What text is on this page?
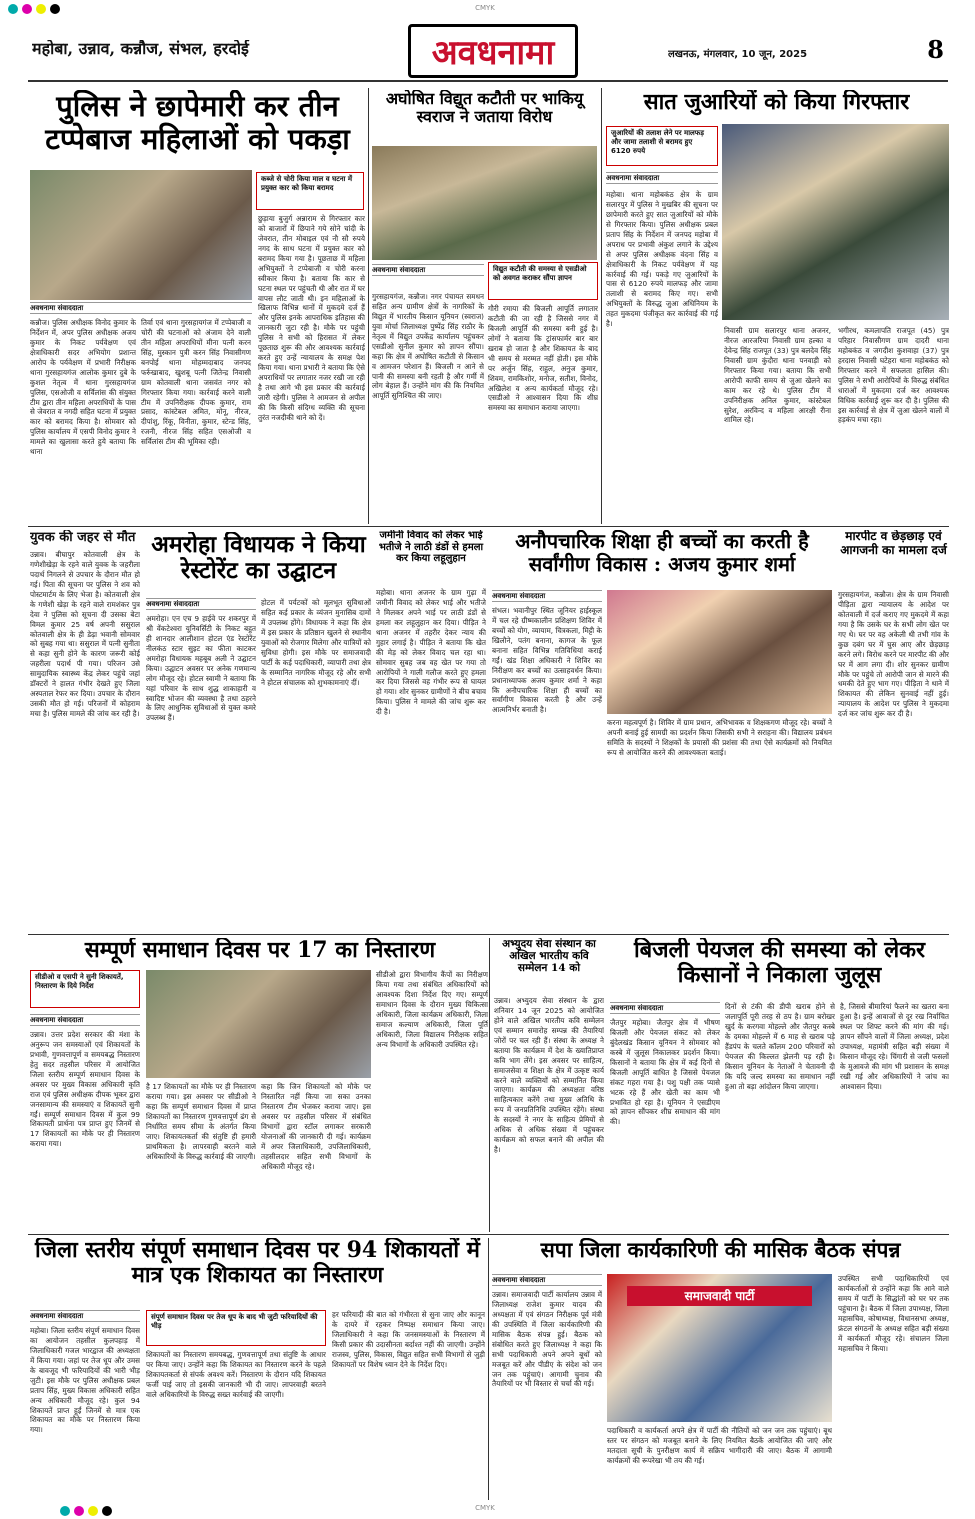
CMYK
CMYK
महोबा, उन्नाव, कन्नौज, संभल, हरदोई	अवधनामा	लखनऊ, मंगलवार, 10 जून, 2025	8
पुलिस ने छापेमारी कर तीन टप्पेबाज महिलाओं को पकड़ा
कब्जे से चोरी किया माल व घटना में प्रयुक्त कार को किया बरामद
अवधनामा संवाददाता
कन्नौज। पुलिस अधीक्षक विनोद कुमार के निर्देशन में, अपर पुलिस अधीक्षक अजय कुमार के निकट पर्यवेक्षण एवं क्षेत्राधिकारी सदर अभियोग प्रशान्त आरोप के पर्यवेक्षण में प्रभारी निरीक्षक थाना गुरसहायगंज आलोक कुमार दुबे के कुशल नेतृत्व में थाना गुरसहायगंज पुलिस, एसओजी व सर्विलांस की संयुक्त टीम द्वारा तीन महिला अपराधियों के पास से जेवरात व नगदी सहित घटना में प्रयुक्त कार को बरामद किया है। सोमवार को पुलिस कार्यालय में एसपी विनोद कुमार ने मामले का खुलासा करते हुये बताया कि थाना
तिर्वा एवं थाना गुरसहायगंज में टप्पेबाजी व चोरी की घटनाओं को अंजाम देने वाली तीन महिला अपराधियों मीना पत्नी करन सिंह, मुस्कान पुत्री करन सिंह निवासीगण बनपोई थाना मोहम्मदाबाद जनपद फर्रुखाबाद, खुशबू पत्नी जितेन्द्र निवासी ग्राम कोतवाली थाना जसवंत नगर को गिरफ्तार किया गया। कार्रवाई करने वाली टीम में उपनिरीक्षक दीपक कुमार, राम प्रसाद, कांस्टेबल अमित, मोनू, नीरज, दीपांशु, रिंकू, विनीता, कुमार, स्टेन्ड सिंह, रजनी, नीरज सिंह सहित एसओजी व सर्विलांस टीम की भूमिका रही।
छुड़ाया बुजुर्ग अन्नाराम से गिरफ्तार कार को बाजारों में छिपाने गये सोने चांदी के जेवरात, तीन मोबाइल एवं नौ सौ रुपये नगद के साथ घटना में प्रयुक्त कार को बरामद किया गया है। पूछताछ में महिला अभियुक्तों ने टप्पेबाजी व चोरी करना स्वीकार किया है। बताया कि कार से घटना स्थल पर पहुंचती थी और रात में घर वापस लौट जाती थी। इन महिलाओं के खिलाफ विभिन्न थानों में मुकदमे दर्ज हैं और पुलिस इनके आपराधिक इतिहास की जानकारी जुटा रही है। मौके पर पहुंची पुलिस ने सभी को हिरासत में लेकर पूछताछ शुरू की और आवश्यक कार्रवाई करते हुए उन्हें न्यायालय के समक्ष पेश किया गया। थाना प्रभारी ने बताया कि ऐसे अपराधियों पर लगातार नजर रखी जा रही है तथा आगे भी इस प्रकार की कार्रवाई जारी रहेगी। पुलिस ने आमजन से अपील की कि किसी संदिग्ध व्यक्ति की सूचना तुरंत नजदीकी थाने को दें।
अघोषित विद्युत कटौती पर भाकियू स्वराज ने जताया विरोध
विद्युत कटौती की समस्या से एसडीओ को अवगत कराकर सौंपा ज्ञापन
अवधनामा संवाददाता
गुरसहायगंज, कन्नौज। नगर पंचायत समधन सहित अन्य ग्रामीण क्षेत्रों के नागरिकों के विद्युत में भारतीय किसान यूनियन (स्वराज) युवा मोर्चा जिलाध्यक्ष पुष्पेंद्र सिंह राठौर के नेतृत्व में विद्युत उपकेंद्र कार्यालय पहुंचकर एसडीओ सुनील कुमार को ज्ञापन सौंपा। कहा कि क्षेत्र में अघोषित कटौती से किसान व आमजन परेशान हैं। बिजली न आने से पानी की समस्या बनी रहती है और गर्मी में लोग बेहाल हैं। उन्होंने मांग की कि नियमित आपूर्ति सुनिश्चित की जाए।
गौरी रमाया की बिजली आपूर्ति लगातार कटौती की जा रही है जिससे नगर में बिजली आपूर्ति की समस्या बनी हुई है। लोगों ने बताया कि ट्रांसफार्मर बार बार खराब हो जाता है और शिकायत के बाद भी समय से मरम्मत नहीं होती। इस मौके पर अर्जुन सिंह, राहुल, अनुज कुमार, शिवम, रामकिशोर, मनोज, सतीश, विनोद, अखिलेश व अन्य कार्यकर्ता मौजूद रहे। एसडीओ ने आश्वासन दिया कि शीघ्र समस्या का समाधान कराया जाएगा।
सात जुआरियों को किया गिरफ्तार
जुआरियों की तलाश लेने पर मालफड़ और जामा तलाशी से बरामद हुए 6120 रुपये
अवधनामा संवाददाता
महोबा। थाना महोबकंठ क्षेत्र के ग्राम सलारपुर में पुलिस ने मुखबिर की सूचना पर छापेमारी करते हुए सात जुआरियों को मौके से गिरफ्तार किया। पुलिस अधीक्षक प्रबल प्रताप सिंह के निर्देशन में जनपद महोबा में अपराध पर प्रभावी अंकुश लगाने के उद्देश्य से अपर पुलिस अधीक्षक वंदना सिंह व क्षेत्राधिकारी के निकट पर्यवेक्षण में यह कार्रवाई की गई। पकड़े गए जुआरियों के पास से 6120 रुपये मालफड़ और जामा तलाशी से बरामद किए गए। सभी अभियुक्तों के विरुद्ध जुआ अधिनियम के तहत मुकदमा पंजीकृत कर कार्रवाई की गई है।
निवासी ग्राम सलारपुर थाना अजनर, नीरज आरजरिया निवासी ग्राम हल्का व देवेन्द्र सिंह राजपूत (33) पुत्र बलदेव सिंह निवासी ग्राम कुंदौरा थाना पनवाड़ी को गिरफ्तार किया गया। बताया कि सभी आरोपी काफी समय से जुआ खेलने का काम कर रहे थे। पुलिस टीम में उपनिरीक्षक अनिल कुमार, कांस्टेबल सुरेश, अरविन्द व महिला आरक्षी रीना शामिल रहे।
भगीरथ, कमलापति राजपूत (45) पुत्र परिहार निवासीगण ग्राम दादरी थाना महोबकंठ व जगदीश कुशवाहा (37) पुत्र हरदास निवासी घटेहरा थाना महोबकंठ को गिरफ्तार करने में सफलता हासिल की। पुलिस ने सभी आरोपियों के विरुद्ध संबंधित धाराओं में मुकदमा दर्ज कर आवश्यक विधिक कार्रवाई शुरू कर दी है। पुलिस की इस कार्रवाई से क्षेत्र में जुआ खेलने वालों में हड़कंप मचा रहा।
युवक की जहर से मौत
उन्नाव। बीघापुर कोतवाली क्षेत्र के गणेशीखेड़ा के रहने वाले युवक के जहरीला पदार्थ निगलने से उपचार के दौरान मौत हो गई। पिता की सूचना पर पुलिस ने शव को पोस्टमार्टम के लिए भेजा है। कोतवाली क्षेत्र के गणेशी खेड़ा के रहने वाले रामशंकर पुत्र देवा ने पुलिस को सूचना दी उसका बेटा विमल कुमार 25 वर्ष अपनी ससुराल कोतवाली क्षेत्र के ही डेढ़ा भवानी सोमवार को सुबह गया था। ससुराल में पत्नी सुनीता से कहा सुनी होने के कारण जरूरी कोई जहरीला पदार्थ पी गया। परिजन उसे सामुदायिक स्वास्थ्य केंद्र लेकर पहुंचे जहां डॉक्टरों ने हालत गंभीर देखते हुए जिला अस्पताल रेफर कर दिया। उपचार के दौरान उसकी मौत हो गई। परिजनों में कोहराम मचा है। पुलिस मामले की जांच कर रही है।
अमरोहा विधायक ने किया रेस्टोरेंट का उद्घाटन
अवधनामा संवाददाता
अमरोहा। एन एच 9 हाईवे पर शकरपुर में श्री वेंकटेश्वरा यूनिवर्सिटी के निकट बहुत ही शानदार आलीशान होटल एंड रेस्टोरेंट नीलकंठ स्टार सुइट का फीता काटकर अमरोहा विधायक महबूब अली ने उद्घाटन किया। उद्घाटन अवसर पर अनेक गणमान्य लोग मौजूद रहे। होटल स्वामी ने बताया कि यहां परिवार के साथ शुद्ध शाकाहारी व स्वादिष्ट भोजन की व्यवस्था है तथा ठहरने के लिए आधुनिक सुविधाओं से युक्त कमरे उपलब्ध हैं।
होटल में पर्यटकों को मूलभूत सुविधाओं सहित कई प्रकार के व्यंजन मुनासिब दामों में उपलब्ध होंगे। विधायक ने कहा कि क्षेत्र में इस प्रकार के प्रतिष्ठान खुलने से स्थानीय युवाओं को रोजगार मिलेगा और यात्रियों को सुविधा होगी। इस मौके पर समाजवादी पार्टी के कई पदाधिकारी, व्यापारी तथा क्षेत्र के सम्मानित नागरिक मौजूद रहे और सभी ने होटल संचालक को शुभकामनाएं दीं।
जमीनी विवाद को लेकर भाई भतीजे ने लाठी डंडों से हमला कर किया लहूलुहान
महोबा। थाना अजनर के ग्राम गुढ़ा में जमीनी विवाद को लेकर भाई और भतीजे ने मिलकर अपने भाई पर लाठी डंडों से हमला कर लहूलुहान कर दिया। पीड़ित ने थाना अजनर में तहरीर देकर न्याय की गुहार लगाई है। पीड़ित ने बताया कि खेत की मेड़ को लेकर विवाद चल रहा था। सोमवार सुबह जब वह खेत पर गया तो आरोपियों ने गाली गलौज करते हुए हमला कर दिया जिससे वह गंभीर रूप से घायल हो गया। शोर सुनकर ग्रामीणों ने बीच बचाव किया। पुलिस ने मामले की जांच शुरू कर दी है।
अनौपचारिक शिक्षा ही बच्चों का करती है सर्वांगीण विकास : अजय कुमार शर्मा
अवधनामा संवाददाता
संभल। भवानीपुर स्थित जूनियर हाईस्कूल में चल रहे ग्रीष्मकालीन प्रशिक्षण शिविर में बच्चों को योग, व्यायाम, चित्रकला, मिट्टी के खिलौने, पतंग बनाना, कागज के फूल बनाना सहित विभिन्न गतिविधियां कराई गईं। खंड शिक्षा अधिकारी ने शिविर का निरीक्षण कर बच्चों का उत्साहवर्धन किया। प्रधानाध्यापक अजय कुमार शर्मा ने कहा कि अनौपचारिक शिक्षा ही बच्चों का सर्वांगीण विकास करती है और उन्हें आत्मनिर्भर बनाती है।
करना महत्वपूर्ण है। शिविर में ग्राम प्रधान, अभिभावक व शिक्षकगण मौजूद रहे। बच्चों ने अपनी बनाई हुई सामग्री का प्रदर्शन किया जिसकी सभी ने सराहना की। विद्यालय प्रबंधन समिति के सदस्यों ने शिक्षकों के प्रयासों की प्रशंसा की तथा ऐसे कार्यक्रमों को नियमित रूप से आयोजित करने की आवश्यकता बताई।
मारपीट व छेड़छाड़ एवं आगजनी का मामला दर्ज
गुरसहायगंज, कन्नौज। क्षेत्र के ग्राम निवासी पीड़िता द्वारा न्यायालय के आदेश पर कोतवाली में दर्ज कराए गए मुकदमे में कहा गया है कि उसके घर के सभी लोग खेत पर गए थे। घर पर वह अकेली थी तभी गांव के कुछ दबंग घर में घुस आए और छेड़छाड़ करने लगे। विरोध करने पर मारपीट की और घर में आग लगा दी। शोर सुनकर ग्रामीण मौके पर पहुंचे तो आरोपी जान से मारने की धमकी देते हुए भाग गए। पीड़िता ने थाने में शिकायत की लेकिन सुनवाई नहीं हुई। न्यायालय के आदेश पर पुलिस ने मुकदमा दर्ज कर जांच शुरू कर दी है।
सम्पूर्ण समाधान दिवस पर 17 का निस्तारण
सीडीओ व एसपी ने सुनी शिकायतें, निस्तारण के दिये निर्देश
अवधनामा संवाददाता
उन्नाव। उत्तर प्रदेश सरकार की मंशा के अनुरूप जन समस्याओं एवं शिकायतों के प्रभावी, गुणवत्तापूर्ण व समयबद्ध निस्तारण हेतु सदर तहसील परिसर में आयोजित जिला स्तरीय सम्पूर्ण समाधान दिवस के अवसर पर मुख्य विकास अधिकारी कृति राज एवं पुलिस अधीक्षक दीपक भूकर द्वारा जनसामान्य की समस्याएं व शिकायतें सुनी गईं। सम्पूर्ण समाधान दिवस में कुल 99 शिकायती प्रार्थना पत्र प्राप्त हुए जिनमें से 17 शिकायतों का मौके पर ही निस्तारण कराया गया।
है 17 शिकायतों का मौके पर ही निस्तारण कराया गया। इस अवसर पर सीडीओ ने कहा कि सम्पूर्ण समाधान दिवस में प्राप्त शिकायतों का निस्तारण गुणवत्तापूर्ण ढंग से निर्धारित समय सीमा के अंतर्गत किया जाए। शिकायतकर्ता की संतुष्टि ही हमारी प्राथमिकता है। लापरवाही बरतने वाले अधिकारियों के विरुद्ध कार्रवाई की जाएगी।
कहा कि जिन शिकायतों को मौके पर निस्तारित नहीं किया जा सका उनका निस्तारण टीम भेजकर कराया जाए। इस अवसर पर तहसील परिसर में संबंधित विभागों द्वारा स्टॉल लगाकर सरकारी योजनाओं की जानकारी दी गई। कार्यक्रम में अपर जिलाधिकारी, उपजिलाधिकारी, तहसीलदार सहित सभी विभागों के अधिकारी मौजूद रहे।
सीडीओ द्वारा विभागीय कैंपों का निरीक्षण किया गया तथा संबंधित अधिकारियों को आवश्यक दिशा निर्देश दिए गए। सम्पूर्ण समाधान दिवस के दौरान मुख्य चिकित्सा अधिकारी, जिला कार्यक्रम अधिकारी, जिला समाज कल्याण अधिकारी, जिला पूर्ति अधिकारी, जिला विद्यालय निरीक्षक सहित अन्य विभागों के अधिकारी उपस्थित रहे।
अभ्युदय सेवा संस्थान का अखिल भारतीय कवि सम्मेलन 14 को
उन्नाव। अभ्युदय सेवा संस्थान के द्वारा शनिवार 14 जून 2025 को आयोजित होने वाले अखिल भारतीय कवि सम्मेलन एवं सम्मान समारोह सम्पन्न की तैयारियां जोरों पर चल रही हैं। संस्था के अध्यक्ष ने बताया कि कार्यक्रम में देश के ख्यातिप्राप्त कवि भाग लेंगे। इस अवसर पर साहित्य, समाजसेवा व शिक्षा के क्षेत्र में उत्कृष्ट कार्य करने वाले व्यक्तियों को सम्मानित किया जाएगा। कार्यक्रम की अध्यक्षता वरिष्ठ साहित्यकार करेंगे तथा मुख्य अतिथि के रूप में जनप्रतिनिधि उपस्थित रहेंगे। संस्था के सदस्यों ने नगर के साहित्य प्रेमियों से अधिक से अधिक संख्या में पहुंचकर कार्यक्रम को सफल बनाने की अपील की है।
बिजली पेयजल की समस्या को लेकर किसानों ने निकाला जुलूस
अवधनामा संवाददाता
जैतपुर महोबा। जैतपुर क्षेत्र में भीषण बिजली और पेयजल संकट को लेकर बुंदेलखंड किसान यूनियन ने सोमवार को कस्बे में जुलूस निकालकर प्रदर्शन किया। किसानों ने बताया कि क्षेत्र में कई दिनों से बिजली आपूर्ति बाधित है जिससे पेयजल संकट गहरा गया है। पशु पक्षी तक प्यासे भटक रहे हैं और खेती का काम भी प्रभावित हो रहा है। यूनियन ने एसडीएम को ज्ञापन सौंपकर शीघ्र समाधान की मांग की।
दिनों से टंकी की डीपी खराब होने से जलापूर्ति पूरी तरह से ठप है। ग्राम बरोखर खुर्द के करगवा मोहल्ले और जैतपुर कस्बे के दमका मोहल्ले में 6 माह से खराब पड़े हैंडपंप के चलते कॉलम 200 परिवारों को पेयजल की किल्लत झेलनी पड़ रही है। किसान यूनियन के नेताओं ने चेतावनी दी कि यदि जल्द समस्या का समाधान नहीं हुआ तो बड़ा आंदोलन किया जाएगा।
है, जिससे बीमारियां फैलने का खतरा बना हुआ है। इन्हें आवाजों से दूर रख निर्वाचित स्थल पर शिफ्ट करने की मांग की गई। ज्ञापन सौंपने वालों में जिला अध्यक्ष, प्रदेश उपाध्यक्ष, महामंत्री सहित बड़ी संख्या में किसान मौजूद रहे। चिंगारी से जली फसलों के मुआवजे की मांग भी प्रशासन के समक्ष रखी गई और अधिकारियों ने जांच का आश्वासन दिया।
जिला स्तरीय संपूर्ण समाधान दिवस पर 94 शिकायतों में मात्र एक शिकायत का निस्तारण
अवधनामा संवाददाता
महोबा। जिला स्तरीय संपूर्ण समाधान दिवस का आयोजन तहसील कुलपहाड़ में जिलाधिकारी गजल भारद्वाज की अध्यक्षता में किया गया। जहां पर तेज धूप और उमस के बावजूद भी फरियादियों की भारी भीड़ जुटी। इस मौके पर पुलिस अधीक्षक प्रबल प्रताप सिंह, मुख्य विकास अधिकारी सहित अन्य अधिकारी मौजूद रहे। कुल 94 शिकायतें प्राप्त हुईं जिनमें से मात्र एक शिकायत का मौके पर निस्तारण किया गया।
संपूर्ण समाधान दिवस पर तेज धूप के बाद भी जुटी फरियादियों की भीड़
शिकायतों का निस्तारण समयबद्ध, गुणवत्तापूर्ण तथा संतुष्टि के आधार पर किया जाए। उन्होंने कहा कि शिकायत का निस्तारण करने के पहले शिकायतकर्ता से संपर्क अवश्य करें। निस्तारण के दौरान यदि शिकायत फर्जी पाई जाए तो इसकी जानकारी भी दी जाए। लापरवाही बरतने वाले अधिकारियों के विरुद्ध सख्त कार्रवाई की जाएगी।
हर फरियादी की बात को गंभीरता से सुना जाए और कानून के दायरे में रहकर निष्पक्ष समाधान किया जाए। जिलाधिकारी ने कहा कि जनसमस्याओं के निस्तारण में किसी प्रकार की उदासीनता बर्दाश्त नहीं की जाएगी। उन्होंने राजस्व, पुलिस, विकास, विद्युत सहित सभी विभागों से जुड़ी शिकायतों पर विशेष ध्यान देने के निर्देश दिए।
सपा जिला कार्यकारिणी की मासिक बैठक संपन्न
अवधनामा संवाददाता
उन्नाव। समाजवादी पार्टी कार्यालय उन्नाव में जिलाध्यक्ष राजेश कुमार यादव की अध्यक्षता में एवं संगठन निरीक्षक पूर्व मंत्री की उपस्थिति में जिला कार्यकारिणी की मासिक बैठक संपन्न हुई। बैठक को संबोधित करते हुए जिलाध्यक्ष ने कहा कि सभी पदाधिकारी अपने अपने बूथों को मजबूत करें और पीडीए के संदेश को जन जन तक पहुंचाएं। आगामी चुनाव की तैयारियों पर भी विस्तार से चर्चा की गई।
समाजवादी पार्टी
पदाधिकारी व कार्यकर्ता अपने क्षेत्र में पार्टी की नीतियों को जन जन तक पहुंचाएं। बूथ स्तर पर संगठन को मजबूत बनाने के लिए नियमित बैठकें आयोजित की जाएं और मतदाता सूची के पुनरीक्षण कार्य में सक्रिय भागीदारी की जाए। बैठक में आगामी कार्यक्रमों की रूपरेखा भी तय की गई।
उपस्थित सभी पदाधिकारियों एवं कार्यकर्ताओं से उन्होंने कहा कि आने वाले समय में पार्टी के सिद्धांतों को घर घर तक पहुंचाना है। बैठक में जिला उपाध्यक्ष, जिला महासचिव, कोषाध्यक्ष, विधानसभा अध्यक्ष, फ्रंटल संगठनों के अध्यक्ष सहित बड़ी संख्या में कार्यकर्ता मौजूद रहे। संचालन जिला महासचिव ने किया।
